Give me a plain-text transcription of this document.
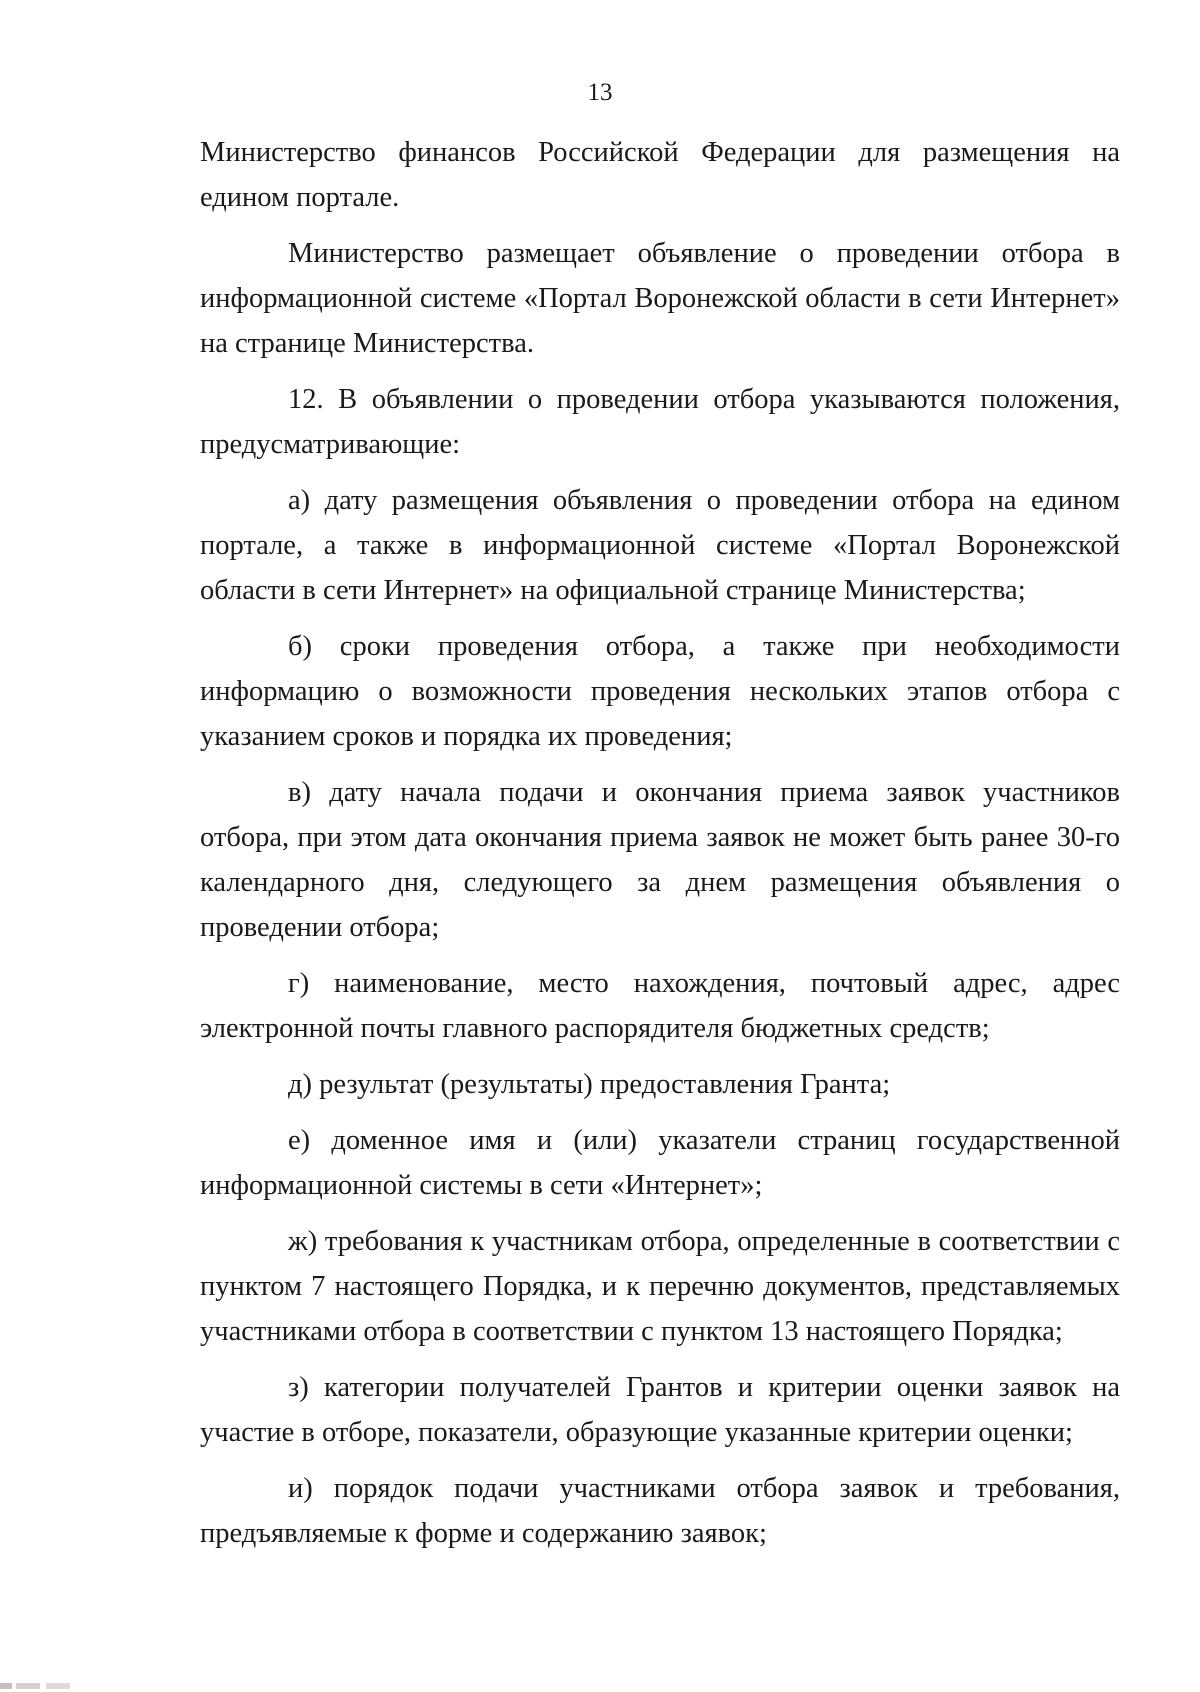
13

Министерство финансов Российской Федерации для размещения на едином портале.

Министерство размещает объявление о проведении отбора в информационной системе «Портал Воронежской области в сети Интернет» на странице Министерства.

12. В объявлении о проведении отбора указываются положения, предусматривающие:

а) дату размещения объявления о проведении отбора на едином портале, а также в информационной системе «Портал Воронежской области в сети Интернет» на официальной странице Министерства;

б) сроки проведения отбора, а также при необходимости информацию о возможности проведения нескольких этапов отбора с указанием сроков и порядка их проведения;

в) дату начала подачи и окончания приема заявок участников отбора, при этом дата окончания приема заявок не может быть ранее 30-го календарного дня, следующего за днем размещения объявления о проведении отбора;

г) наименование, место нахождения, почтовый адрес, адрес электронной почты главного распорядителя бюджетных средств;

д) результат (результаты) предоставления Гранта;

е) доменное имя и (или) указатели страниц государственной информационной системы в сети «Интернет»;

ж) требования к участникам отбора, определенные в соответствии с пунктом 7 настоящего Порядка, и к перечню документов, представляемых участниками отбора в соответствии с пунктом 13 настоящего Порядка;

з) категории получателей Грантов и критерии оценки заявок на участие в отборе, показатели, образующие указанные критерии оценки;

и) порядок подачи участниками отбора заявок и требования, предъявляемые к форме и содержанию заявок;
